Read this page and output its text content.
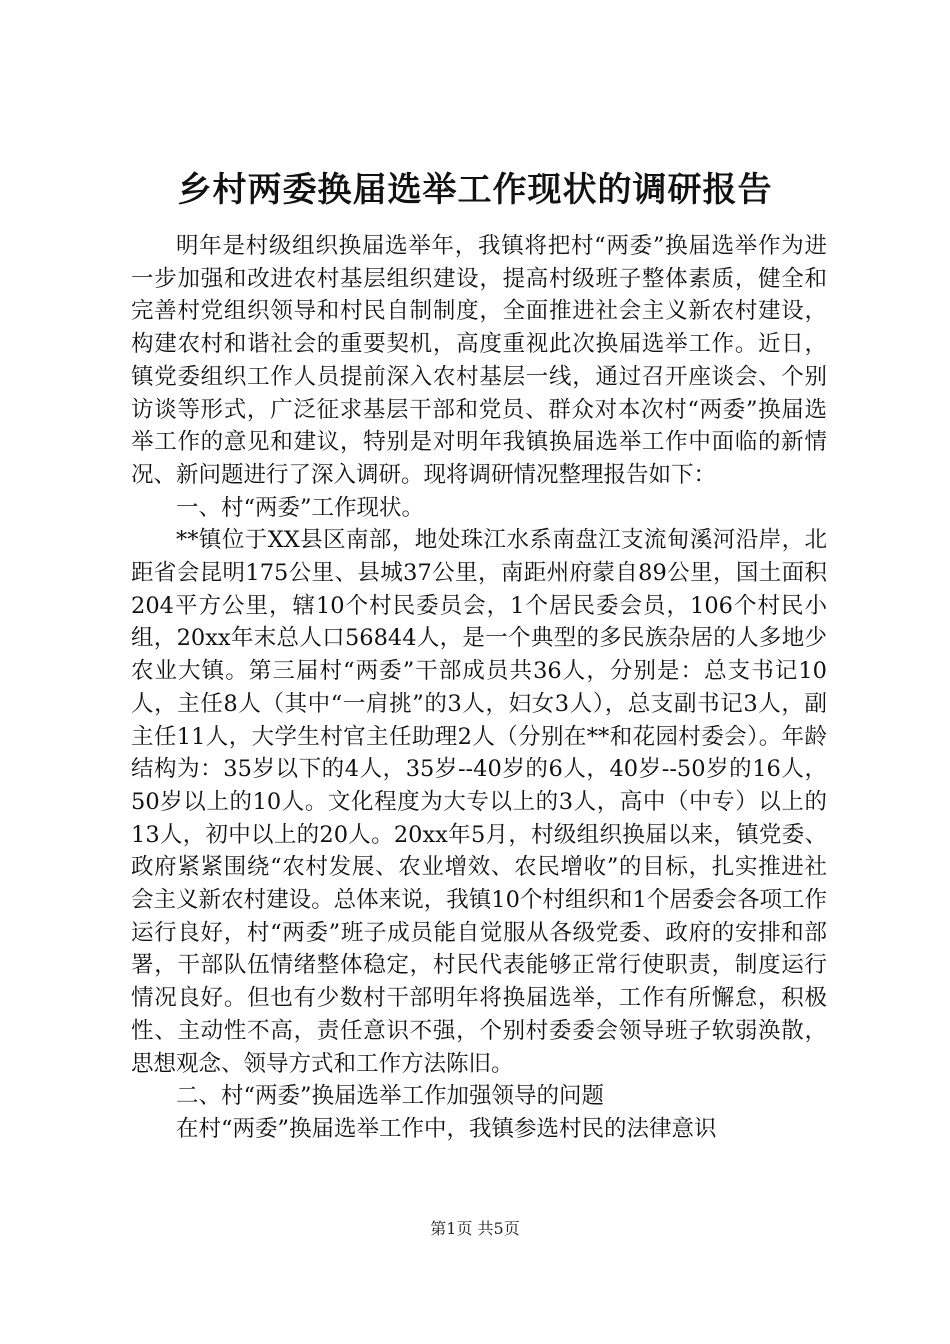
乡村两委换届选举工作现状的调研报告

明年是村级组织换届选举年，我镇将把村“两委”换届选举作为进一步加强和改进农村基层组织建设，提高村级班子整体素质，健全和完善村党组织领导和村民自制制度，全面推进社会主义新农村建设，构建农村和谐社会的重要契机，高度重视此次换届选举工作。近日，镇党委组织工作人员提前深入农村基层一线，通过召开座谈会、个别访谈等形式，广泛征求基层干部和党员、群众对本次村“两委”换届选举工作的意见和建议，特别是对明年我镇换届选举工作中面临的新情况、新问题进行了深入调研。现将调研情况整理报告如下：

一、村“两委”工作现状。

**镇位于XX县区南部，地处珠江水系南盘江支流甸溪河沿岸，北距省会昆明175公里、县城37公里，南距州府蒙自89公里，国土面积204平方公里，辖10个村民委员会，1个居民委会员，106个村民小组，20xx年末总人口56844人，是一个典型的多民族杂居的人多地少农业大镇。第三届村“两委”干部成员共36人，分别是：总支书记10人，主任8人（其中“一肩挑”的3人，妇女3人），总支副书记3人，副主任11人，大学生村官主任助理2人（分别在**和花园村委会）。年龄结构为：35岁以下的4人，35岁--40岁的6人，40岁--50岁的16人，50岁以上的10人。文化程度为大专以上的3人，高中（中专）以上的13人，初中以上的20人。20xx年5月，村级组织换届以来，镇党委、政府紧紧围绕“农村发展、农业增效、农民增收”的目标，扎实推进社会主义新农村建设。总体来说，我镇10个村组织和1个居委会各项工作运行良好，村“两委”班子成员能自觉服从各级党委、政府的安排和部署，干部队伍情绪整体稳定，村民代表能够正常行使职责，制度运行情况良好。但也有少数村干部明年将换届选举，工作有所懈怠，积极性、主动性不高，责任意识不强，个别村委委会领导班子软弱涣散，思想观念、领导方式和工作方法陈旧。

二、村“两委”换届选举工作加强领导的问题

在村“两委”换届选举工作中，我镇参选村民的法律意识

第1页 共5页
